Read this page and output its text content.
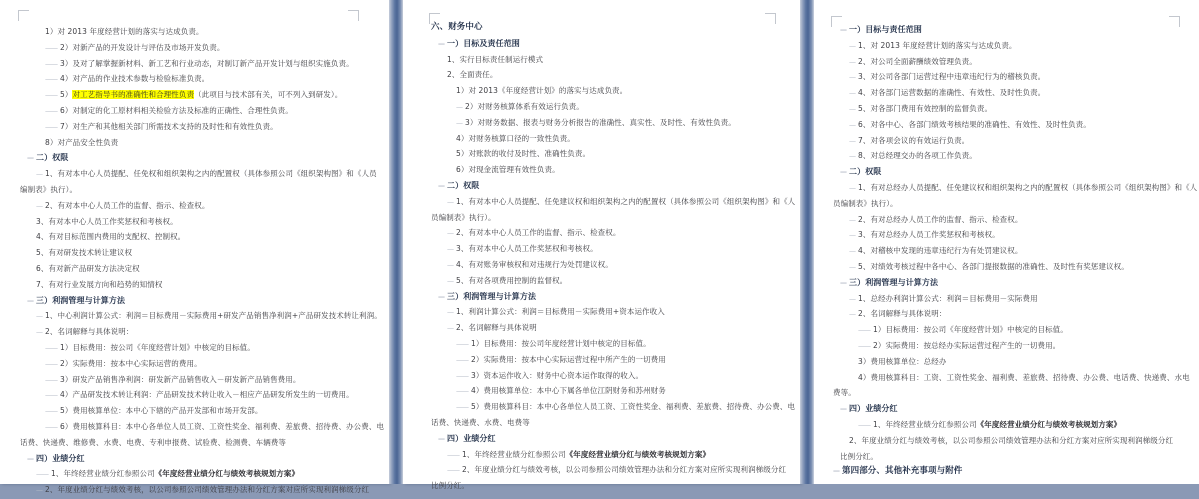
1）对 2013 年度经营计划的落实与达成负责。
—— 2）对新产品的开发设计与评估及市场开发负责。
—— 3）及对了解掌握新材料、新工艺和行业动态，对制订新产品开发计划与组织实施负责。
—— 4）对产品的作业技术参数与检验标准负责。
—— 5）对工艺指导书的准确性和合理性负责（此项目与技术部有关，可不列入到研发）。
—— 6）对制定的化工原材料相关检验方法及标准的正确性、合理性负责。
—— 7）对生产和其他相关部门所需技术支持的及时性和有效性负责。
8）对产品安全性负责
— 二）权限
— 1、有对本中心人员提配、任免权和组织架构之内的配置权（具体参照公司《组织架构图》和《人员
编制表》执行）。
— 2、有对本中心人员工作的监督、指示、检查权。
3、有对本中心人员工作奖惩权和考核权。
4、有对目标范围内费用的支配权、控制权。
5、有对研发技术转让建议权
6、有对新产品研发方法决定权
7、有对行业发展方向和趋势的知情权
— 三）利润管理与计算方法
— 1、中心利润计算公式：利润＝目标费用－实际费用+研发产品销售净利润+产品研发技术转让利润。
— 2、名词解释与具体说明：
—— 1）目标费用：按公司《年度经营计划》中核定的目标值。
—— 2）实际费用：按本中心实际运营的费用。
—— 3）研发产品销售净利润：研发新产品销售收入－研发新产品销售费用。
—— 4）产品研发技术转让利润：产品研发技术转让收入－相应产品研发所发生的一切费用。
—— 5）费用核算单位：本中心下辖的产品开发部和市场开发部。
—— 6）费用核算科目：本中心各单位人员工资、工资性奖金、福利费、差旅费、招待费、办公费、电
话费、快递费、维修费、水费、电费、专利申报费、试验费、检测费、车辆费等
— 四）业绩分红
—— 1、年终经营业绩分红参照公司《年度经营业绩分红与绩效考核规划方案》
— 2、年度业绩分红与绩效考核，以公司参照公司绩效管理办法和分红方案对应所实现利润梯级分红
六、财务中心
— 一）目标及责任范围
1、实行目标责任制运行模式
2、全面责任。
1）对 2013《年度经营计划》的落实与达成负责。
— 2）对财务核算体系有效运行负责。
— 3）对财务数据、报表与财务分析报告的准确性、真实性、及时性、有效性负责。
4）对财务核算口径的一致性负责。
5）对账款的收付及时性、准确性负责。
6）对现金流管理有效性负责。
— 二）权限
— 1、有对本中心人员提配、任免建议权和组织架构之内的配置权（具体参照公司《组织架构图》和《人
员编制表》执行）。
— 2、有对本中心人员工作的监督、指示、检查权。
— 3、有对本中心人员工作奖惩权和考核权。
— 4、有对账务审核权和对违规行为处罚建议权。
— 5、有对各项费用控制的监督权。
— 三）利润管理与计算方法
— 1、利润计算公式：利润＝目标费用－实际费用+资本运作收入
— 2、名词解释与具体说明
—— 1）目标费用：按公司年度经营计划中核定的目标值。
—— 2）实际费用：按本中心实际运营过程中所产生的一切费用
—— 3）资本运作收入：财务中心资本运作取得的收入。
—— 4）费用核算单位：本中心下属各单位江阴财务和苏州财务
—— 5）费用核算科目：本中心各单位人员工资、工资性奖金、福利费、差旅费、招待费、办公费、电
话费、快递费、水费、电费等
— 四）业绩分红
—— 1、年终经营业绩分红参照公司《年度经营业绩分红与绩效考核规划方案》
—— 2、年度业绩分红与绩效考核，以公司参照公司绩效管理办法和分红方案对应所实现利润梯级分红
比例分红。
— 一）目标与责任范围
— 1、对 2013 年度经营计划的落实与达成负责。
— 2、对公司全面薪酬绩效管理负责。
— 3、对公司各部门运营过程中违章违纪行为的稽核负责。
— 4、对各部门运营数据的准确性、有效性、及时性负责。
— 5、对各部门费用有效控制的监督负责。
— 6、对各中心、各部门绩效考核结果的准确性、有效性、及时性负责。
— 7、对各项会议的有效运行负责。
— 8、对总经理交办的各项工作负责。
— 二）权限
— 1、有对总经办人员提配、任免建议权和组织架构之内的配置权（具体参照公司《组织架构图》和《人
员编制表》执行）。
— 2、有对总经办人员工作的监督、指示、检查权。
— 3、有对总经办人员工作奖惩权和考核权。
— 4、对稽核中发现的违章违纪行为有处罚建议权。
— 5、对绩效考核过程中各中心、各部门提报数据的准确性、及时性有奖惩建议权。
— 三）利润管理与计算方法
— 1、总经办利润计算公式：利润＝目标费用－实际费用
— 2、名词解释与具体说明：
—— 1）目标费用：按公司《年度经营计划》中核定的目标值。
—— 2）实际费用：按总经办实际运营过程产生的一切费用。
3）费用核算单位：总经办
4）费用核算科目：工资、工资性奖金、福利费、差旅费、招待费、办公费、电话费、快递费、水电
费等。
— 四）业绩分红
—— 1、年终经营业绩分红参照公司《年度经营业绩分红与绩效考核规划方案》
2、年度业绩分红与绩效考核，以公司参照公司绩效管理办法和分红方案对应所实现利润梯级分红
比例分红。
— 第四部分、其他补充事项与附件
